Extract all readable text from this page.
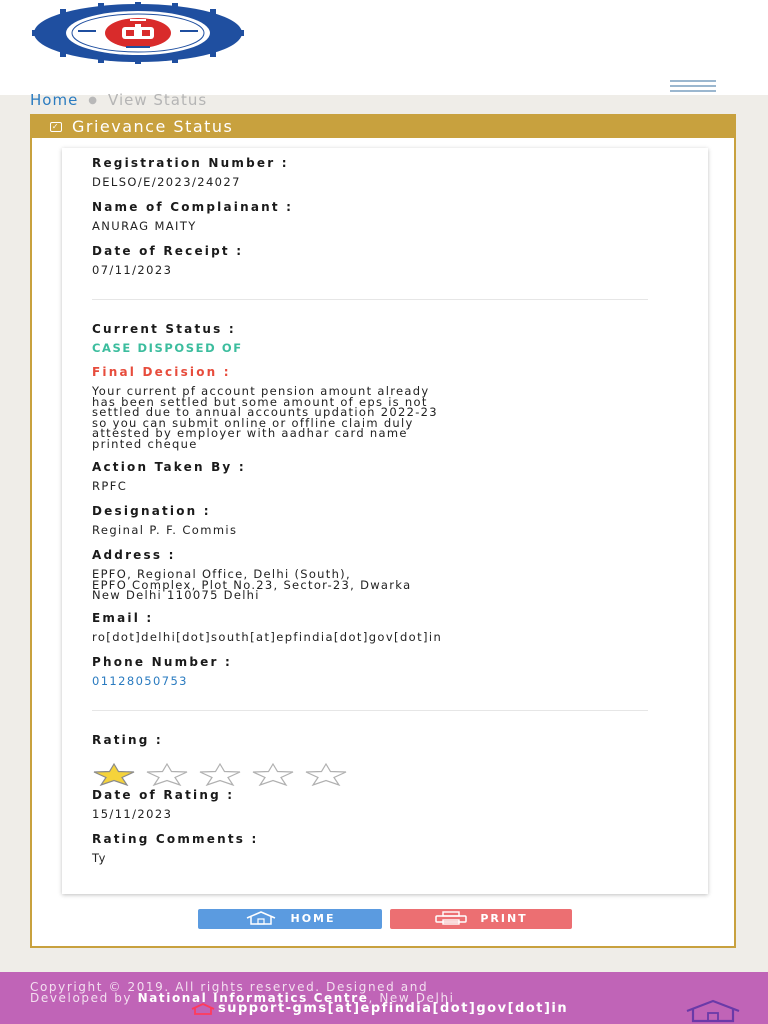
Home ● View Status
✓ Grievance Status
Registration Number :
DELSO/E/2023/24027
Name of Complainant :
ANURAG MAITY
Date of Receipt :
07/11/2023
Current Status :
CASE DISPOSED OF
Final Decision :
Your current pf account pension amount already
has been settled but some amount of eps is not
settled due to annual accounts updation 2022-23
so you can submit online or offline claim duly
attested by employer with aadhar card name
printed cheque
Action Taken By :
RPFC
Designation :
Reginal P. F. Commis
Address :
EPFO, Regional Office, Delhi (South),
EPFO Complex, Plot No.23, Sector-23, Dwarka
New Delhi 110075 Delhi
Email :
ro[dot]delhi[dot]south[at]epfindia[dot]gov[dot]in
Phone Number :
01128050753
Rating :
Date of Rating :
15/11/2023
Rating Comments :
Ty
HOME	PRINT
Copyright © 2019. All rights reserved. Designed and
Developed by National Informatics Centre, New Delhi
support-gms[at]epfindia[dot]gov[dot]in
